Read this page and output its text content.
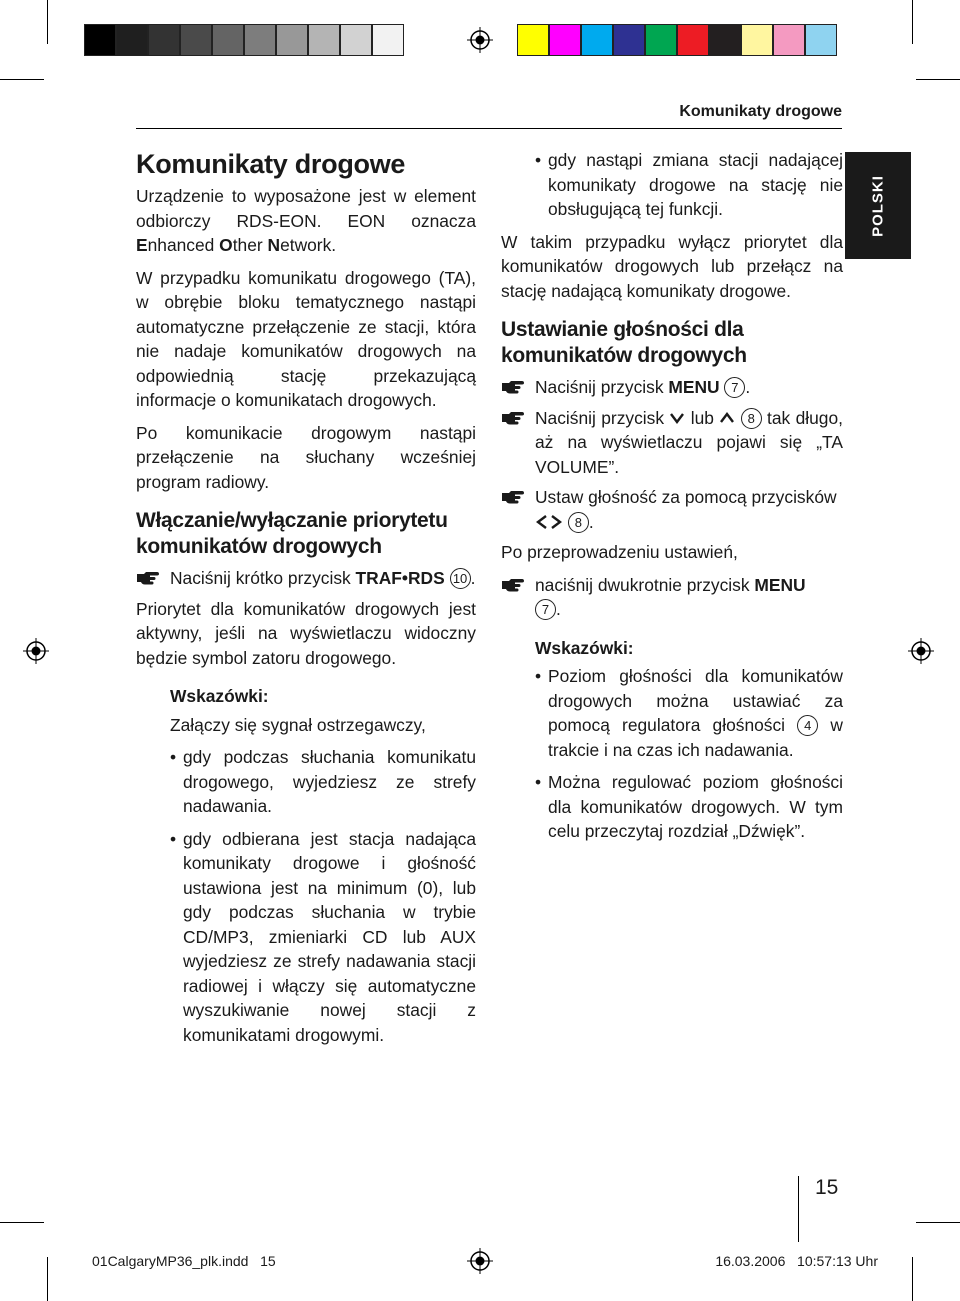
Komunikaty drogowe
POLSKI
Komunikaty drogowe

Urządzenie to wyposażone jest w element odbiorczy RDS-EON. EON oznacza Enhanced Other Network.

W przypadku komunikatu drogowego (TA), w obrębie bloku tematycznego nastąpi automatyczne przełączenie ze stacji, która nie nadaje komunikatów drogowych na odpowiednią stację przekazującą informacje o komunikatach drogowych.

Po komunikacie drogowym nastąpi przełączenie na słuchany wcześniej program radiowy.

Włączanie/wyłączanie priorytetu komunikatów drogowych
Naciśnij krótko przycisk TRAF•RDS 10 .

Priorytet dla komunikatów drogowych jest aktywny, jeśli na wyświetlaczu widoczny będzie symbol zatoru drogowego.

Wskazówki:

Załączy się sygnał ostrzegawczy,

• gdy podczas słuchania komunikatu drogowego, wyjedziesz ze strefy nadawania.
• gdy odbierana jest stacja nadająca komunikaty drogowe i głośność ustawiona jest na minimum (0), lub gdy podczas słuchania w trybie CD/MP3, zmieniarki CD lub AUX wyjedziesz ze strefy nadawania stacji radiowej i włączy się automatyczne wyszukiwanie nowej stacji z komunikatami drogowymi.
• gdy nastąpi zmiana stacji nadającej komunikaty drogowe na stację nie obsługującą tej funkcji.

W takim przypadku wyłącz priorytet dla komunikatów drogowych lub przełącz na stację nadającą komunikaty drogowe.

Ustawianie głośności dla komunikatów drogowych
Naciśnij przycisk MENU 7 .
Naciśnij przycisk  lub  8 tak długo, aż na wyświetlaczu pojawi się „TA VOLUME”.
Ustaw głośność za pomocą przycisków
8 .

Po przeprowadzeniu ustawień,

naciśnij dwukrotnie przycisk MENU
7 .
Wskazówki:
• Poziom głośności dla komunikatów drogowych można ustawiać za pomocą regulatora głośności 4 w trakcie i na czas ich nadawania.
• Można regulować poziom głośności dla komunikatów drogowych. W tym celu przeczytaj rozdział „Dźwięk”.
15
01CalgaryMP36_plk.indd   15	16.03.2006   10:57:13 Uhr
